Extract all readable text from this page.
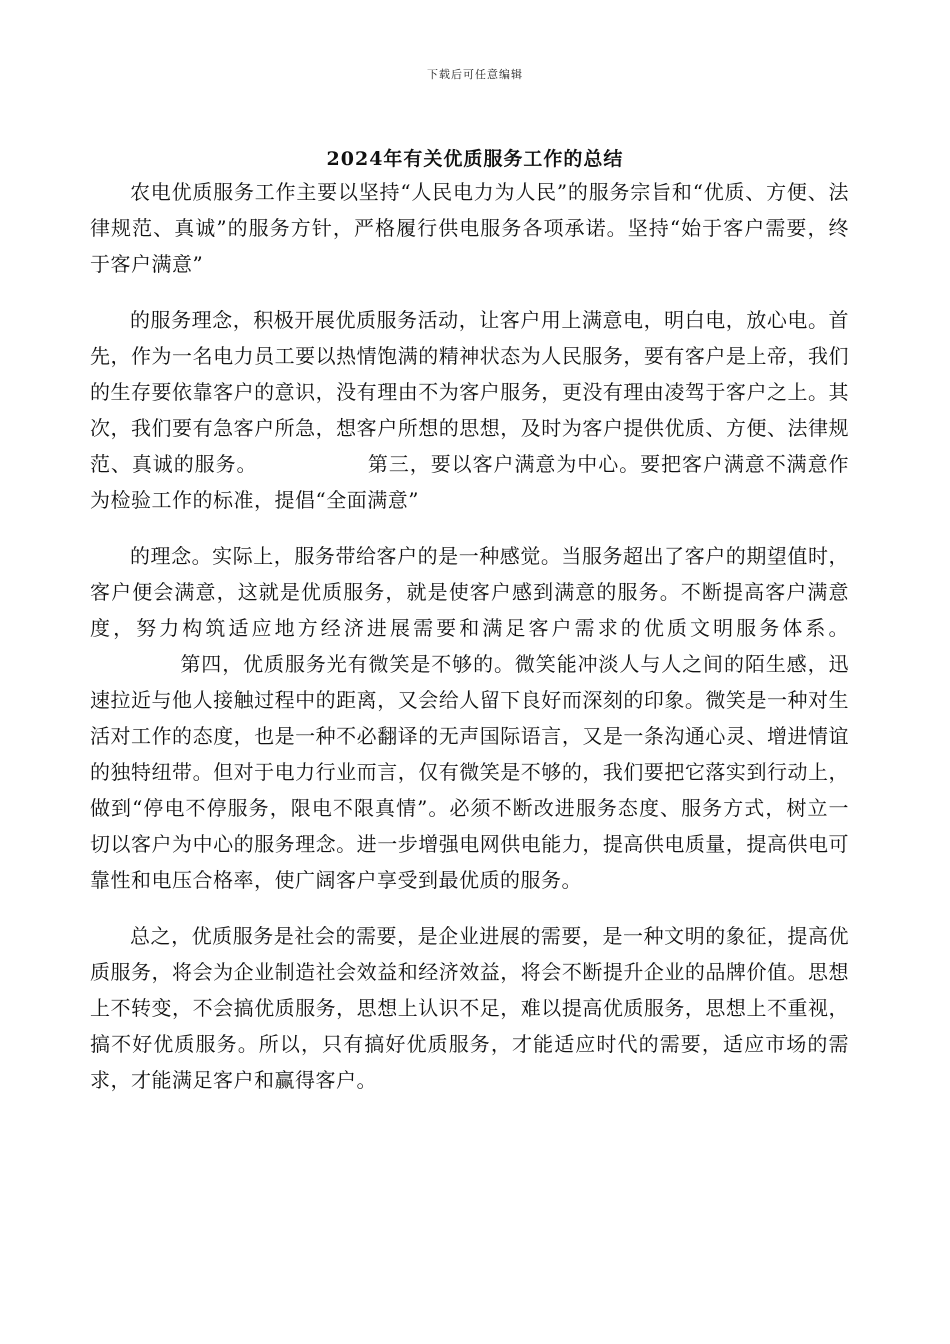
下载后可任意编辑
2024年有关优质服务工作的总结

农电优质服务工作主要以坚持“人民电力为人民”的服务宗旨和“优质、方便、法律规范、真诚”的服务方针，严格履行供电服务各项承诺。坚持“始于客户需要，终于客户满意”

的服务理念，积极开展优质服务活动，让客户用上满意电，明白电，放心电。首先，作为一名电力员工要以热情饱满的精神状态为人民服务，要有客户是上帝，我们的生存要依靠客户的意识，没有理由不为客户服务，更没有理由凌驾于客户之上。其次，我们要有急客户所急，想客户所想的思想，及时为客户提供优质、方便、法律规范、真诚的服务。	第三，要以客户满意为中心。要把客户满意不满意作为检验工作的标准，提倡“全面满意”

的理念。实际上，服务带给客户的是一种感觉。当服务超出了客户的期望值时，客户便会满意，这就是优质服务，就是使客户感到满意的服务。不断提高客户满意度，努力构筑适应地方经济进展需要和满足客户需求的优质文明服务体系。第四，优质服务光有微笑是不够的。微笑能冲淡人与人之间的陌生感，迅速拉近与他人接触过程中的距离，又会给人留下良好而深刻的印象。微笑是一种对生活对工作的态度，也是一种不必翻译的无声国际语言，又是一条沟通心灵、增进情谊的独特纽带。但对于电力行业而言，仅有微笑是不够的，我们要把它落实到行动上，做到“停电不停服务，限电不限真情”。必须不断改进服务态度、服务方式，树立一切以客户为中心的服务理念。进一步增强电网供电能力，提高供电质量，提高供电可靠性和电压合格率，使广阔客户享受到最优质的服务。

总之，优质服务是社会的需要，是企业进展的需要，是一种文明的象征，提高优质服务，将会为企业制造社会效益和经济效益，将会不断提升企业的品牌价值。思想上不转变，不会搞优质服务，思想上认识不足，难以提高优质服务，思想上不重视，搞不好优质服务。所以，只有搞好优质服务，才能适应时代的需要，适应市场的需求，才能满足客户和赢得客户。
